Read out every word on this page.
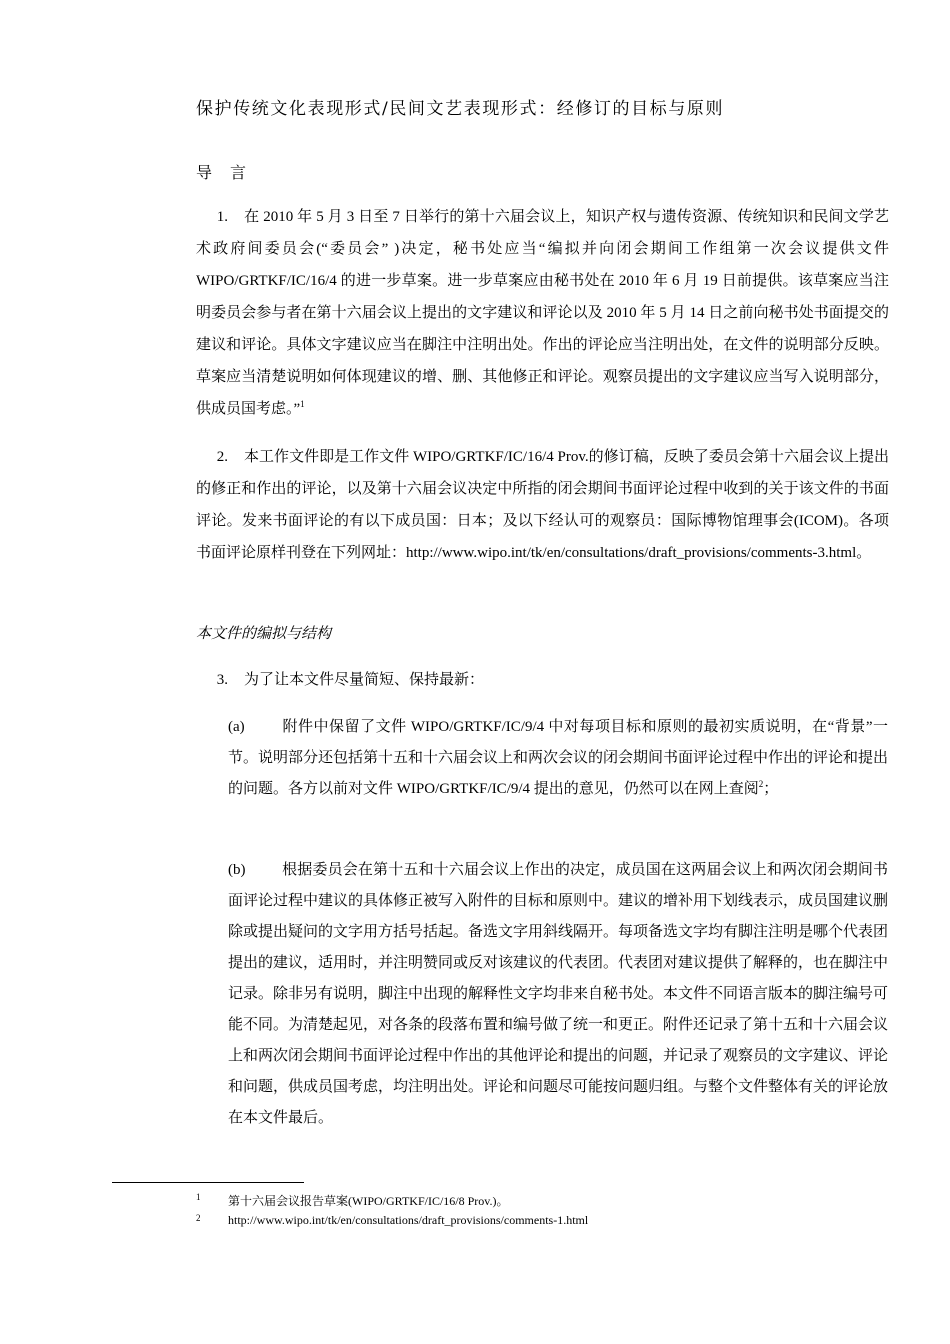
保护传统文化表现形式/民间文艺表现形式：经修订的目标与原则
导言
1. 在 2010 年 5 月 3 日至 7 日举行的第十六届会议上，知识产权与遗传资源、传统知识和民间文学艺术政府间委员会(“委员会” )决定，秘书处应当“编拟并向闭会期间工作组第一次会议提供文件 WIPO/GRTKF/IC/16/4 的进一步草案。进一步草案应由秘书处在 2010 年 6 月 19 日前提供。该草案应当注明委员会参与者在第十六届会议上提出的文字建议和评论以及 2010 年 5 月 14 日之前向秘书处书面提交的建议和评论。具体文字建议应当在脚注中注明出处。作出的评论应当注明出处，在文件的说明部分反映。草案应当清楚说明如何体现建议的增、删、其他修正和评论。观察员提出的文字建议应当写入说明部分，供成员国考虑。”$^1$
2. 本工作文件即是工作文件 WIPO/GRTKF/IC/16/4 Prov.的修订稿，反映了委员会第十六届会议上提出的修正和作出的评论，以及第十六届会议决定中所指的闭会期间书面评论过程中收到的关于该文件的书面评论。发来书面评论的有以下成员国：日本；及以下经认可的观察员：国际博物馆理事会(ICOM)。各项书面评论原样刊登在下列网址：http://www.wipo.int/tk/en/consultations/draft_provisions/comments-3.html。
本文件的编拟与结构
3. 为了让本文件尽量简短、保持最新：
(a) 附件中保留了文件 WIPO/GRTKF/IC/9/4 中对每项目标和原则的最初实质说明，在“背景”一节。说明部分还包括第十五和十六届会议上和两次会议的闭会期间书面评论过程中作出的评论和提出的问题。各方以前对文件 WIPO/GRTKF/IC/9/4 提出的意见，仍然可以在网上查阅$^2$；
(b) 根据委员会在第十五和十六届会议上作出的决定，成员国在这两届会议上和两次闭会期间书面评论过程中建议的具体修正被写入附件的目标和原则中。建议的增补用下划线表示，成员国建议删除或提出疑问的文字用方括号括起。备选文字用斜线隔开。每项备选文字均有脚注注明是哪个代表团提出的建议，适用时，并注明赞同或反对该建议的代表团。代表团对建议提供了解释的，也在脚注中记录。除非另有说明，脚注中出现的解释性文字均非来自秘书处。本文件不同语言版本的脚注编号可能不同。为清楚起见，对各条的段落布置和编号做了统一和更正。附件还记录了第十五和十六届会议上和两次闭会期间书面评论过程中作出的其他评论和提出的问题，并记录了观察员的文字建议、评论和问题，供成员国考虑，均注明出处。评论和问题尽可能按问题归组。与整个文件整体有关的评论放在本文件最后。
1 第十六届会议报告草案(WIPO/GRTKF/IC/16/8 Prov.)。
2 http://www.wipo.int/tk/en/consultations/draft_provisions/comments-1.html
